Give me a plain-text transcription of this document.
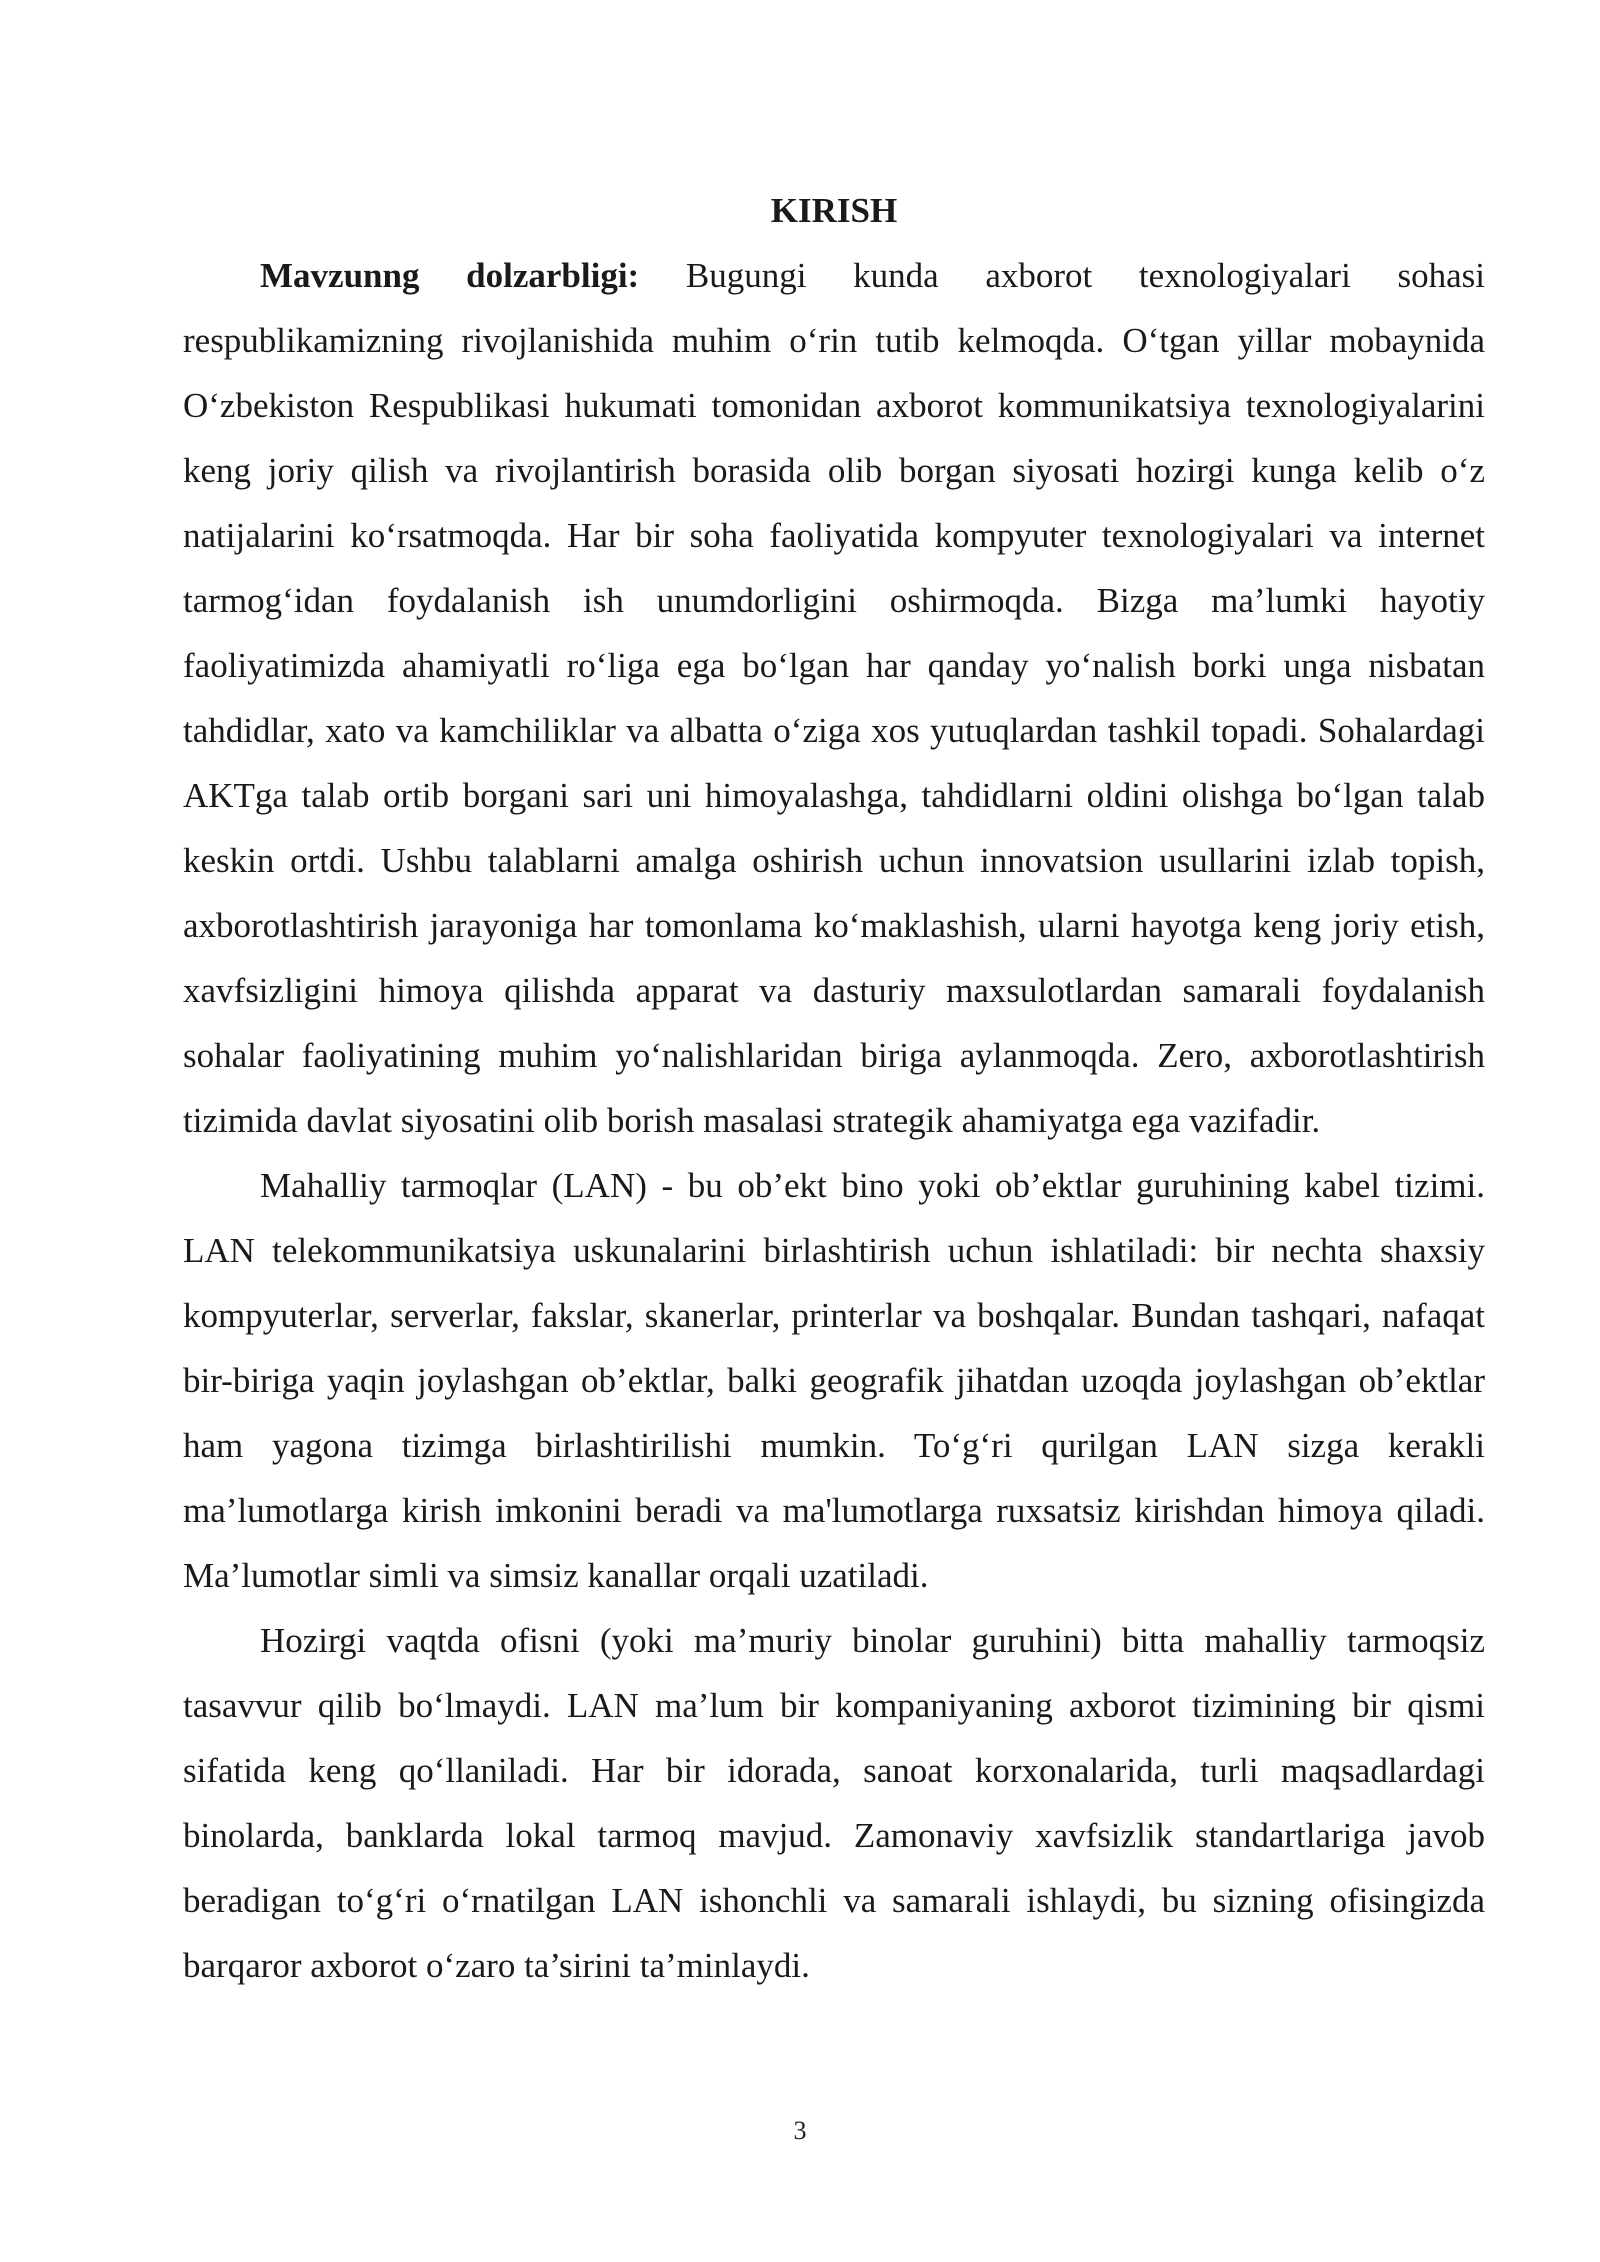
KIRISH

Mavzunng dolzarbligi: Bugungi kunda axborot texnologiyalari sohasi respublikamizning rivojlanishida muhim o‘rin tutib kelmoqda. O‘tgan yillar mobaynida O‘zbekiston Respublikasi hukumati tomonidan axborot kommunikatsiya texnologiyalarini keng joriy qilish va rivojlantirish borasida olib borgan siyosati hozirgi kunga kelib o‘z natijalarini ko‘rsatmoqda. Har bir soha faoliyatida kompyuter texnologiyalari va internet tarmog‘idan foydalanish ish unumdorligini oshirmoqda. Bizga ma’lumki hayotiy faoliyatimizda ahamiyatli ro‘liga ega bo‘lgan har qanday yo‘nalish borki unga nisbatan tahdidlar, xato va kamchiliklar va albatta o‘ziga xos yutuqlardan tashkil topadi. Sohalardagi AKTga talab ortib borgani sari uni himoyalashga, tahdidlarni oldini olishga bo‘lgan talab keskin ortdi. Ushbu talablarni amalga oshirish uchun innovatsion usullarini izlab topish, axborotlashtirish jarayoniga har tomonlama ko‘maklashish, ularni hayotga keng joriy etish, xavfsizligini himoya qilishda apparat va dasturiy maxsulotlardan samarali foydalanish sohalar faoliyatining muhim yo‘nalishlaridan biriga aylanmoqda. Zero, axborotlashtirish tizimida davlat siyosatini olib borish masalasi strategik ahamiyatga ega vazifadir.

Mahalliy tarmoqlar (LAN) - bu ob’ekt bino yoki ob’ektlar guruhining kabel tizimi. LAN telekommunikatsiya uskunalarini birlashtirish uchun ishlatiladi: bir nechta shaxsiy kompyuterlar, serverlar, fakslar, skanerlar, printerlar va boshqalar. Bundan tashqari, nafaqat bir-biriga yaqin joylashgan ob’ektlar, balki geografik jihatdan uzoqda joylashgan ob’ektlar ham yagona tizimga birlashtirilishi mumkin. To‘g‘ri qurilgan LAN sizga kerakli ma’lumotlarga kirish imkonini beradi va ma'lumotlarga ruxsatsiz kirishdan himoya qiladi. Ma’lumotlar simli va simsiz kanallar orqali uzatiladi.

Hozirgi vaqtda ofisni (yoki ma’muriy binolar guruhini) bitta mahalliy tarmoqsiz tasavvur qilib bo‘lmaydi. LAN ma’lum bir kompaniyaning axborot tizimining bir qismi sifatida keng qo‘llaniladi. Har bir idorada, sanoat korxonalarida, turli maqsadlardagi binolarda, banklarda lokal tarmoq mavjud. Zamonaviy xavfsizlik standartlariga javob beradigan to‘g‘ri o‘rnatilgan LAN ishonchli va samarali ishlaydi, bu sizning ofisingizda barqaror axborot o‘zaro ta’sirini ta’minlaydi.

3
